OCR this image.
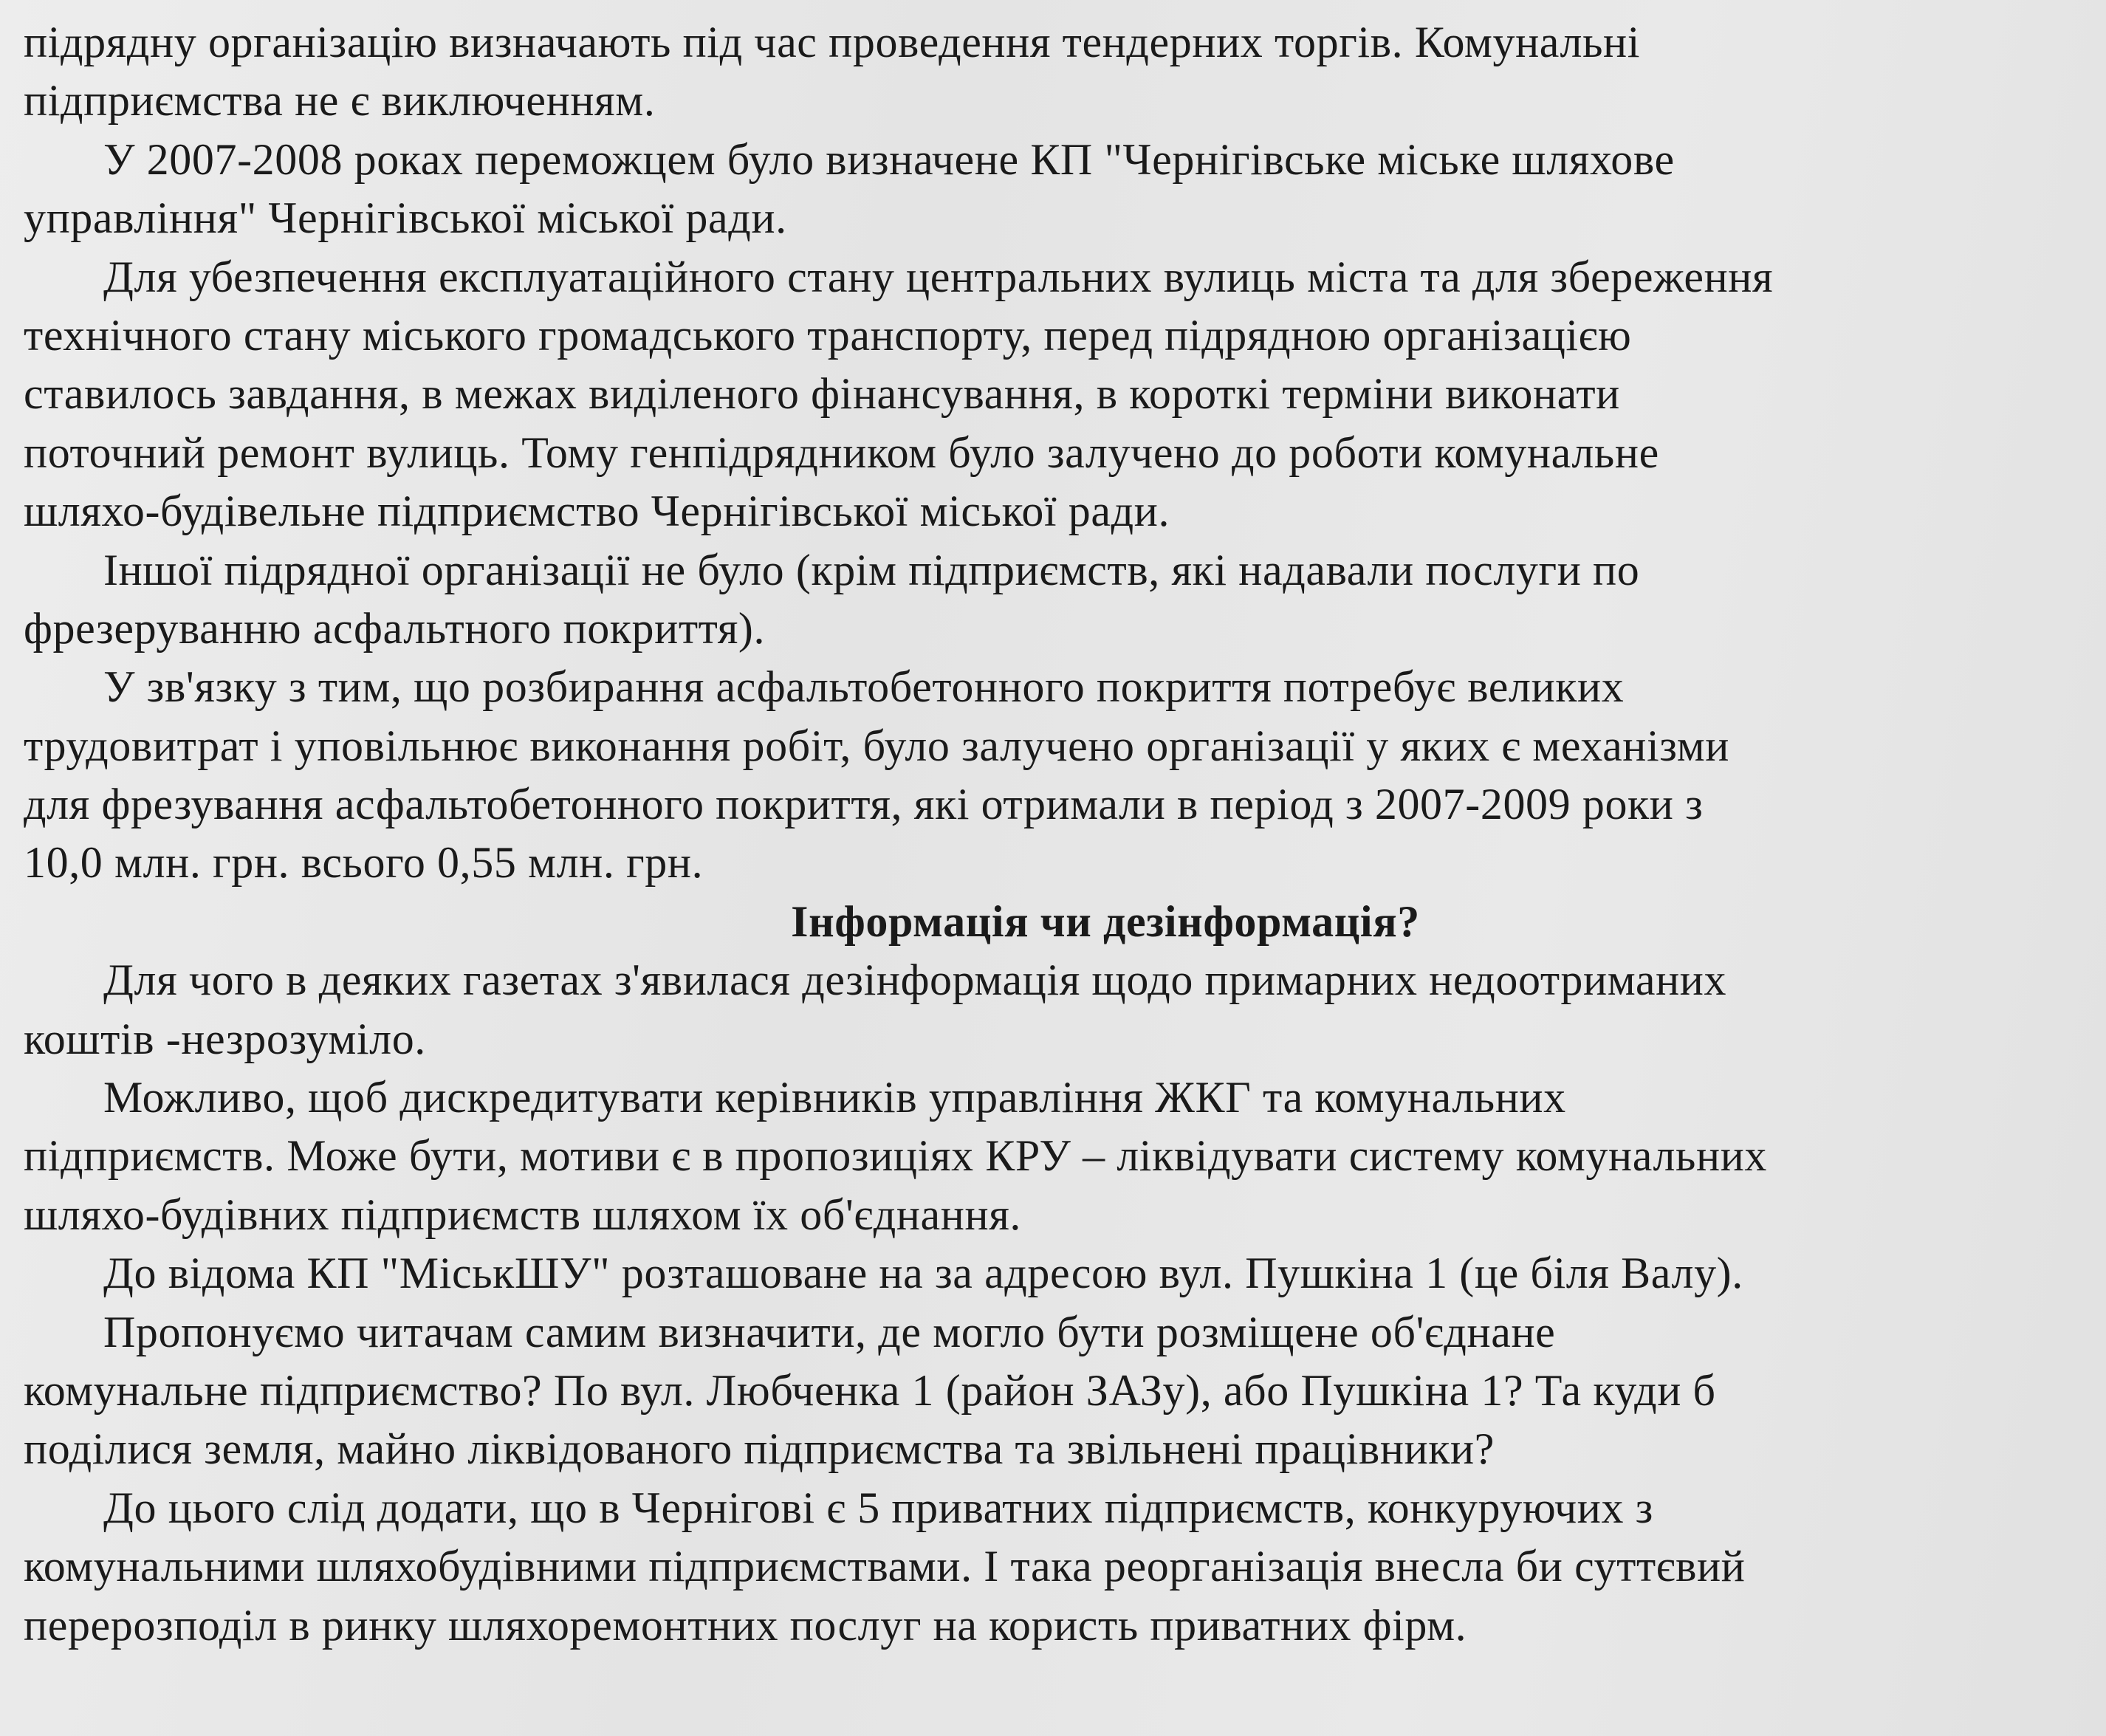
підрядну організацію визначають під час проведення тендерних торгів. Комунальні
підприємства не є виключенням.
У 2007-2008 роках переможцем було визначене КП "Чернігівське міське шляхове
управління" Чернігівської міської ради.
Для убезпечення експлуатаційного стану центральних вулиць міста та для збереження
технічного стану міського громадського транспорту, перед підрядною організацією
ставилось завдання, в межах виділеного фінансування, в короткі терміни виконати
поточний ремонт вулиць. Тому генпідрядником було залучено до роботи комунальне
шляхо-будівельне підприємство Чернігівської міської ради.
Іншої підрядної організації не було (крім підприємств, які надавали послуги по
фрезеруванню асфальтного покриття).
У зв'язку з тим, що розбирання асфальтобетонного покриття потребує великих
трудовитрат і уповільнює виконання робіт, було залучено організації у яких є механізми
для фрезування асфальтобетонного покриття, які отримали в період з 2007-2009 роки з
10,0 млн. грн. всього 0,55 млн. грн.
Інформація чи дезінформація?
Для чого в деяких газетах з'явилася дезінформація щодо примарних недоотриманих
коштів -незрозуміло.
Можливо, щоб дискредитувати керівників управління ЖКГ та комунальних
підприємств. Може бути, мотиви є в пропозиціях КРУ – ліквідувати систему комунальних
шляхо-будівних підприємств шляхом їх об'єднання.
До відома КП "МіськШУ" розташоване на за адресою вул. Пушкіна 1 (це біля Валу).
Пропонуємо читачам самим визначити, де могло бути розміщене об'єднане
комунальне підприємство? По вул. Любченка 1 (район ЗАЗу), або Пушкіна 1? Та куди б
поділися земля, майно ліквідованого підприємства та звільнені працівники?
До цього слід додати, що в Чернігові є 5 приватних підприємств, конкуруючих з
комунальними шляхобудівними підприємствами. І така реорганізація внесла би суттєвий
перерозподіл в ринку шляхоремонтних послуг на користь приватних фірм.
